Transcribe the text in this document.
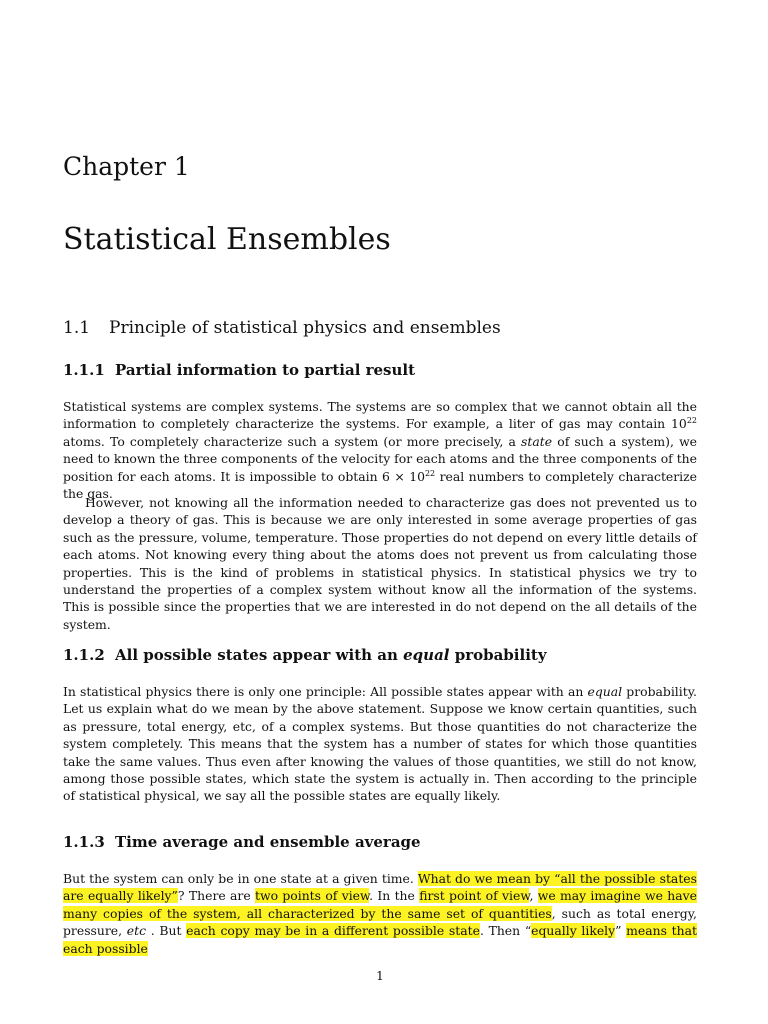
Chapter 1
Statistical Ensembles
1.1 Principle of statistical physics and ensembles
1.1.1 Partial information to partial result
Statistical systems are complex systems. The systems are so complex that we cannot obtain all the information to completely characterize the systems. For example, a liter of gas may contain $10^{22}$ atoms. To completely characterize such a system (or more precisely, a state of such a system), we need to known the three components of the velocity for each atoms and the three components of the position for each atoms. It is impossible to obtain $6 \times 10^{22}$ real numbers to completely characterize the gas.
However, not knowing all the information needed to characterize gas does not prevented us to develop a theory of gas. This is because we are only interested in some average properties of gas such as the pressure, volume, temperature. Those properties do not depend on every little details of each atoms. Not knowing every thing about the atoms does not prevent us from calculating those properties. This is the kind of problems in statistical physics. In statistical physics we try to understand the properties of a complex system without know all the information of the systems. This is possible since the properties that we are interested in do not depend on the all details of the system.
1.1.2 All possible states appear with an equal probability
In statistical physics there is only one principle: All possible states appear with an equal probability. Let us explain what do we mean by the above statement. Suppose we know certain quantities, such as pressure, total energy, etc, of a complex systems. But those quantities do not characterize the system completely. This means that the system has a number of states for which those quantities take the same values. Thus even after knowing the values of those quantities, we still do not know, among those possible states, which state the system is actually in. Then according to the principle of statistical physical, we say all the possible states are equally likely.
1.1.3 Time average and ensemble average
But the system can only be in one state at a given time. What do we mean by “all the possible states are equally likely”? There are two points of view. In the first point of view, we may imagine we have many copies of the system, all characterized by the same set of quantities, such as total energy, pressure, etc . But each copy may be in a different possible state. Then “equally likely” means that each possible
1
